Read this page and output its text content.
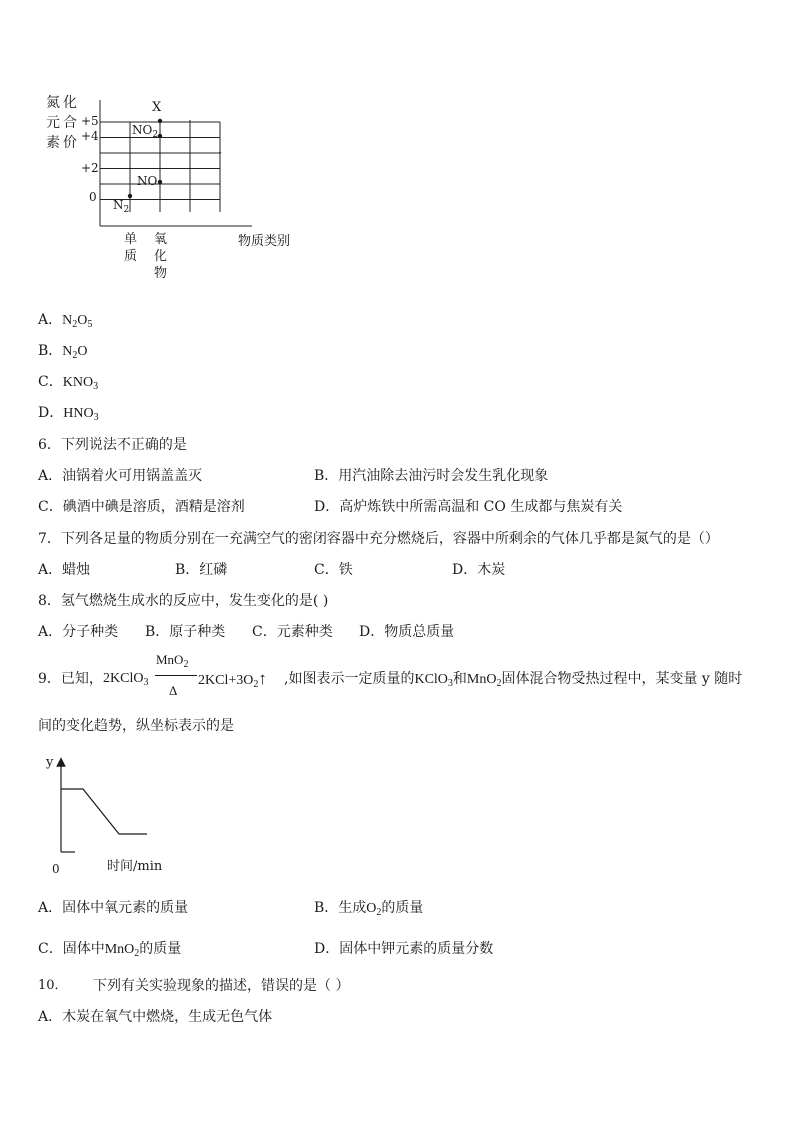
氮 化
元 合
素 价
+5
+4
+2
0
单
质
氧
化
物
物质类别
$N_2$
NO
$NO_2$
X
A．$N_2O_5$
B．$N_2O$
C．$KNO_3$
D．$HNO_3$
6．下列说法不正确的是
A．油锅着火可用锅盖盖灭	B．用汽油除去油污时会发生乳化现象
C．碘酒中碘是溶质，酒精是溶剂	D．高炉炼铁中所需高温和 CO 生成都与焦炭有关
7．下列各足量的物质分别在一充满空气的密闭容器中充分燃烧后，容器中所剩余的气体几乎都是氮气的是（）
A．蜡烛	B．红磷	C．铁	D．木炭
8．氢气燃烧生成水的反应中，发生变化的是( )
A．分子种类 B．原子种类 C．元素种类 D．物质总质量
9．已知， 2KClO$_3$
MnO$_2$
Δ
$2KCl+3O_2↑$ ,如图表示一定质量的KClO$_3$和MnO$_2$固体混合物受热过程中，某变量 y 随时
间的变化趋势，纵坐标表示的是
y
0	时间/min
A．固体中氧元素的质量	B．生成$O_2$的质量
C．固体中MnO$_2$的质量	D．固体中钾元素的质量分数
10． 下列有关实验现象的描述，错误的是（ ）
A．木炭在氧气中燃烧，生成无色气体
